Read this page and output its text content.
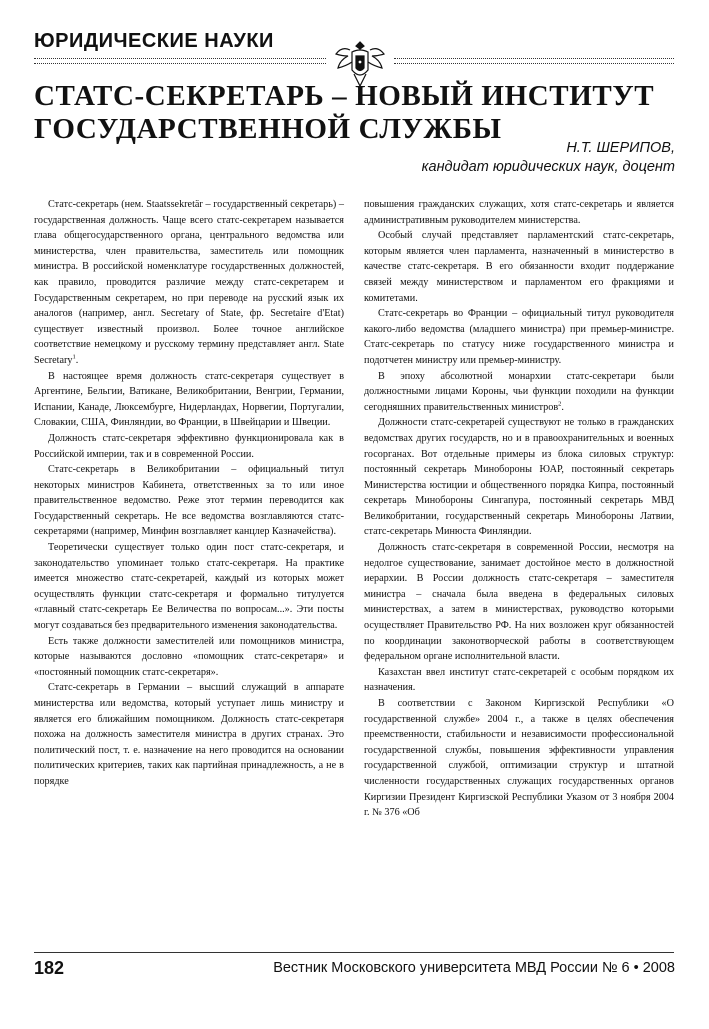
ЮРИДИЧЕСКИЕ НАУКИ
СТАТС-СЕКРЕТАРЬ – НОВЫЙ ИНСТИТУТ
ГОСУДАРСТВЕННОЙ СЛУЖБЫ
Н.Т. ШЕРИПОВ,
кандидат юридических наук, доцент

Статс-секретарь (нем. Staatssekretär – государственный секретарь) – государственная должность. Чаще всего статс-секретарем называется глава общегосударственного органа, центрального ведомства или министерства, член правительства, заместитель или помощник министра. В российской номенклатуре государственных должностей, как правило, проводится различие между статс-секретарем и Государственным секретарем, но при переводе на русский язык их аналогов (например, англ. Secretary of State, фр. Secretaire d'Etat) существует известный произвол. Более точное английское соответствие немецкому и русскому термину представляет англ. State Secretary$^1$.

В настоящее время должность статс-секретаря существует в Аргентине, Бельгии, Ватикане, Великобритании, Венгрии, Германии, Испании, Канаде, Люксембурге, Нидерландах, Норвегии, Португалии, Словакии, США, Финляндии, во Франции, в Швейцарии и Швеции.

Должность статс-секретаря эффективно функционировала как в Российской империи, так и в современной России.

Статс-секретарь в Великобритании – официальный титул некоторых министров Кабинета, ответственных за то или иное правительственное ведомство. Реже этот термин переводится как Государственный секретарь. Не все ведомства возглавляются статс-секретарями (например, Минфин возглавляет канцлер Казначейства).

Теоретически существует только один пост статс-секретаря, и законодательство упоминает только статс-секретаря. На практике имеется множество статс-секретарей, каждый из которых может осуществлять функции статс-секретаря и формально титулуется «главный статс-секретарь Ее Величества по вопросам...». Эти посты могут создаваться без предварительного изменения законодательства.

Есть также должности заместителей или помощников министра, которые называются дословно «помощник статс-секретаря» и «постоянный помощник статс-секретаря».

Статс-секретарь в Германии – высший служащий в аппарате министерства или ведомства, который уступает лишь министру и является его ближайшим помощником. Должность статс-секретаря похожа на должность заместителя министра в других странах. Это политический пост, т. е. назначение на него проводится на основании политических критериев, таких как партийная принадлежность, а не в порядке

повышения гражданских служащих, хотя статс-секретарь и является административным руководителем министерства.

Особый случай представляет парламентский статс-секретарь, которым является член парламента, назначенный в министерство в качестве статс-секретаря. В его обязанности входит поддержание связей между министерством и парламентом его фракциями и комитетами.

Статс-секретарь во Франции – официальный титул руководителя какого-либо ведомства (младшего министра) при премьер-министре. Статс-секретарь по статусу ниже государственного министра и подотчетен министру или премьер-министру.

В эпоху абсолютной монархии статс-секретари были должностными лицами Короны, чьи функции походили на функции сегодняшних правительственных министров$^2$.

Должности статс-секретарей существуют не только в гражданских ведомствах других государств, но и в правоохранительных и военных госорганах. Вот отдельные примеры из блока силовых структур: постоянный секретарь Минобороны ЮАР, постоянный секретарь Министерства юстиции и общественного порядка Кипра, постоянный секретарь Минобороны Сингапура, постоянный секретарь МВД Великобритании, государственный секретарь Минобороны Латвии, статс-секретарь Минюста Финляндии.

Должность статс-секретаря в современной России, несмотря на недолгое существование, занимает достойное место в должностной иерархии. В России должность статс-секретаря – заместителя министра – сначала была введена в федеральных силовых министерствах, а затем в министерствах, руководство которыми осуществляет Правительство РФ. На них возложен круг обязанностей по координации законотворческой работы в соответствующем федеральном органе исполнительной власти.

Казахстан ввел институт статс-секретарей с особым порядком их назначения.

В соответствии с Законом Киргизской Республики «О государственной службе» 2004 г., а также в целях обеспечения преемственности, стабильности и независимости профессиональной государственной службы, повышения эффективности управления государственной службой, оптимизации структур и штатной численности государственных служащих государственных органов Киргизии Президент Киргизской Республики Указом от 3 ноября 2004 г. № 376 «Об

182	Вестник Московского университета МВД России № 6 • 2008
